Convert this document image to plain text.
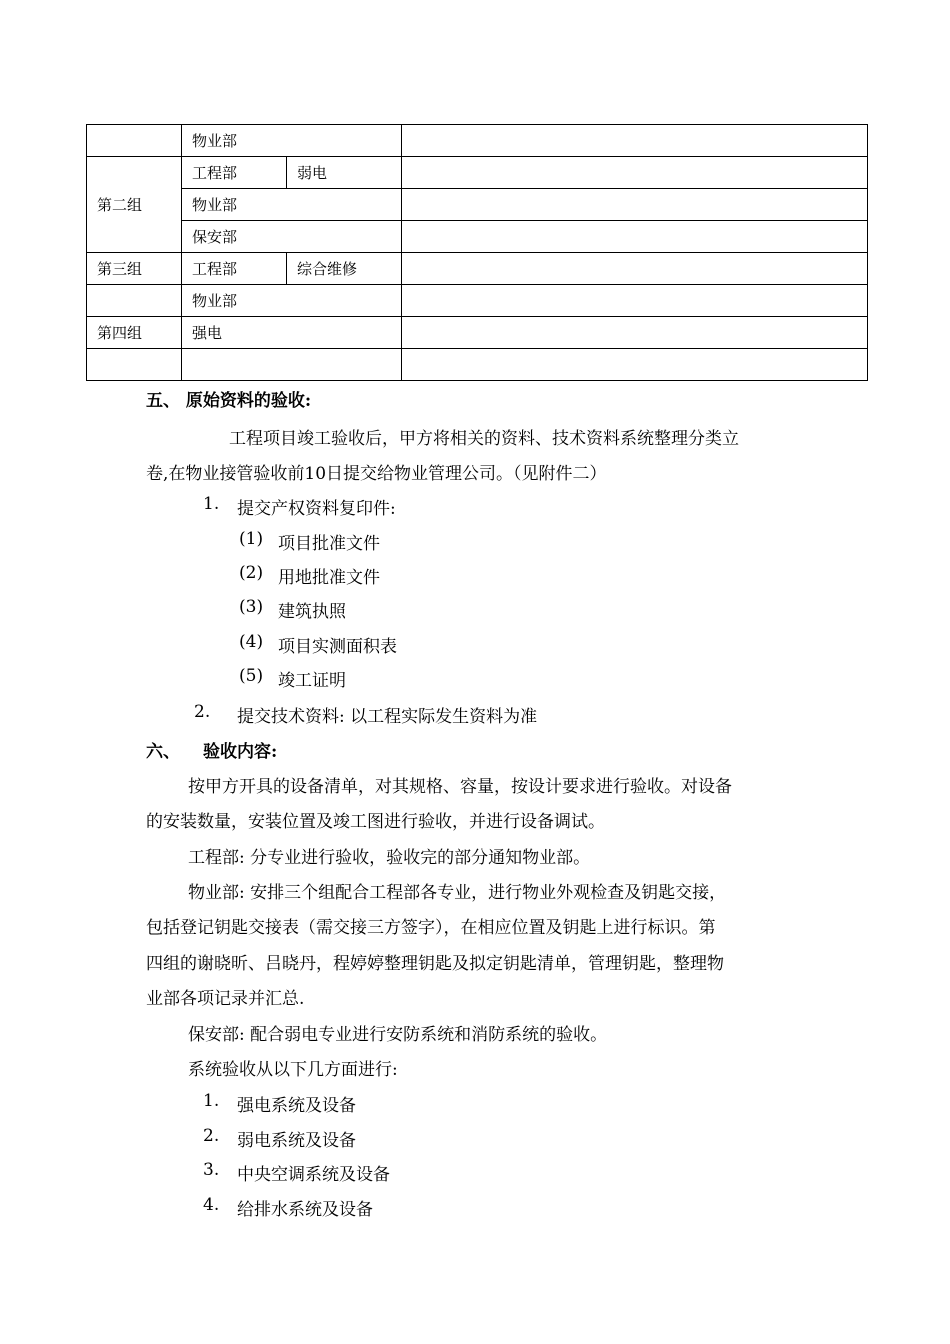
	物业部		
第二组	工程部	弱电	
	物业部		
	保安部		
第三组	工程部	综合维修	
	物业部		
第四组	强电		

五、 原始资料的验收:
工程项目竣工验收后，甲方将相关的资料、技术资料系统整理分类立
卷,在物业接管验收前10日提交给物业管理公司。（见附件二）
1. 提交产权资料复印件:
(1) 项目批准文件
(2) 用地批准文件
(3) 建筑执照
(4) 项目实测面积表
(5) 竣工证明
2. 提交技术资料: 以工程实际发生资料为准
六、 验收内容:
按甲方开具的设备清单，对其规格、容量，按设计要求进行验收。对设备
的安装数量，安装位置及竣工图进行验收，并进行设备调试。
工程部: 分专业进行验收，验收完的部分通知物业部。
物业部: 安排三个组配合工程部各专业，进行物业外观检查及钥匙交接，
包括登记钥匙交接表（需交接三方签字），在相应位置及钥匙上进行标识。第
四组的谢晓昕、吕晓丹，程婷婷整理钥匙及拟定钥匙清单，管理钥匙，整理物
业部各项记录并汇总.
保安部: 配合弱电专业进行安防系统和消防系统的验收。
系统验收从以下几方面进行:
1. 强电系统及设备
2. 弱电系统及设备
3. 中央空调系统及设备
4. 给排水系统及设备
